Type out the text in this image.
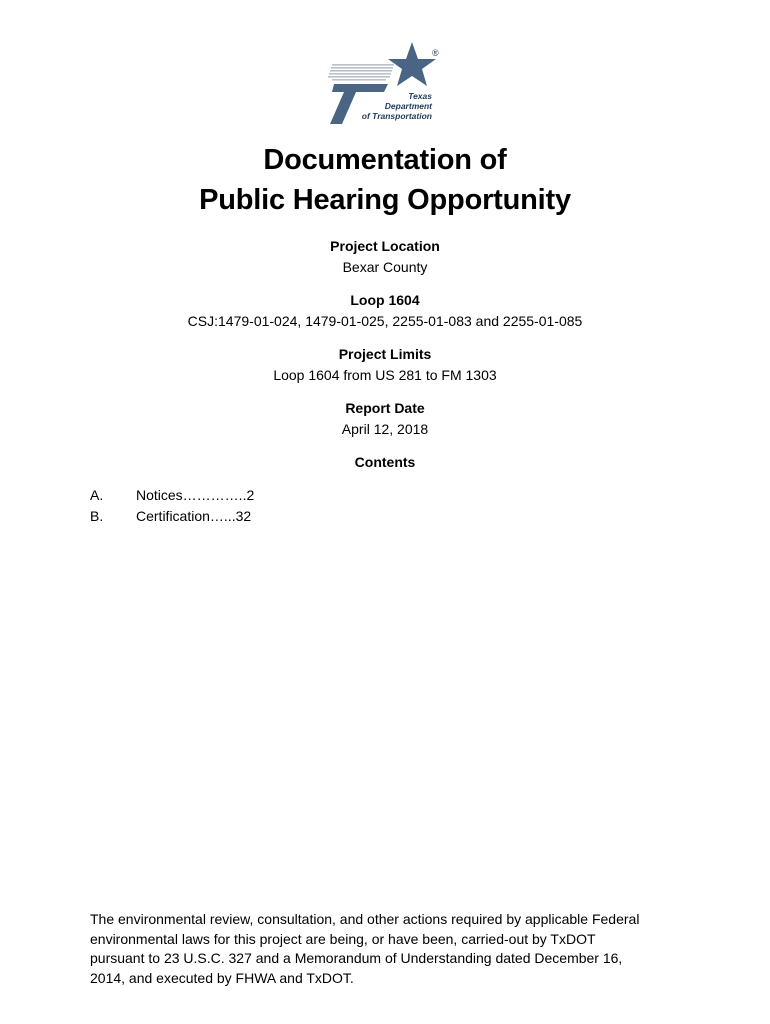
®
Texas
Department
of Transportation
Documentation of
Public Hearing Opportunity
Project Location
Bexar County
Loop 1604
CSJ:1479-01-024, 1479-01-025, 2255-01-083 and 2255-01-085
Project Limits
Loop 1604 from US 281 to FM 1303
Report Date
April 12, 2018
Contents
A.	Notices…………..2
B.	Certification…...32
The environmental review, consultation, and other actions required by applicable Federal environmental laws for this project are being, or have been, carried-out by TxDOT pursuant to 23 U.S.C. 327 and a Memorandum of Understanding dated December 16, 2014, and executed by FHWA and TxDOT.
